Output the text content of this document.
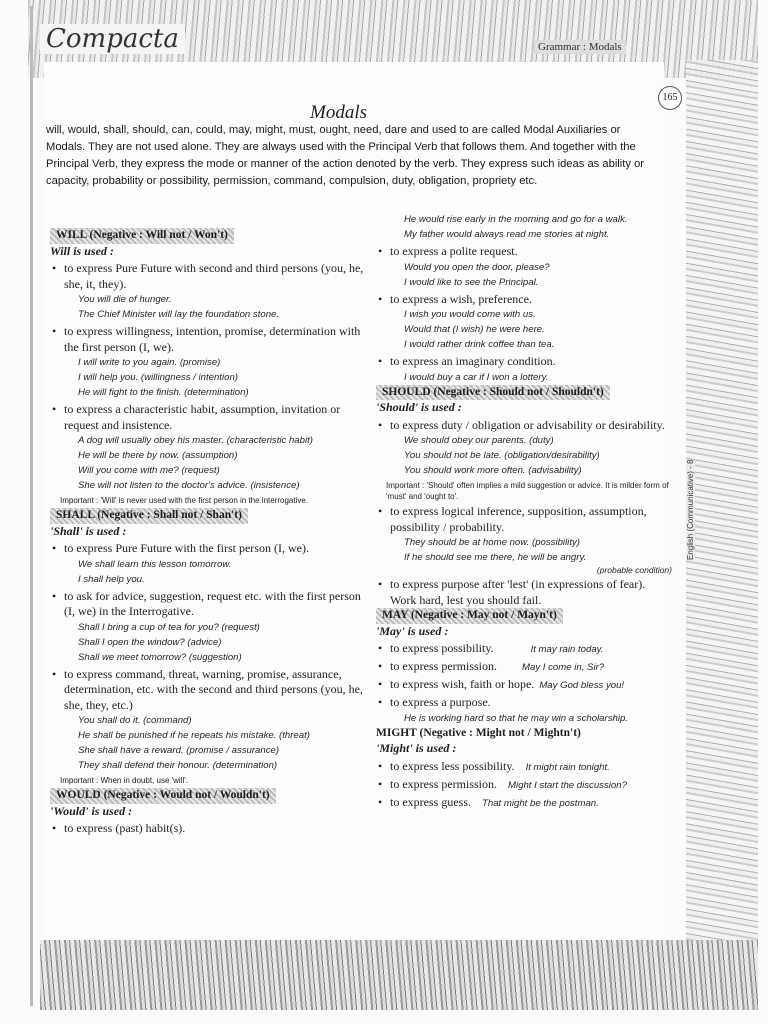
Compacta	Grammar : Modals
165
Modals
will, would, shall, should, can, could, may, might, must, ought, need, dare and used to are called Modal Auxiliaries or Modals. They are not used alone. They are always used with the Principal Verb that follows them. And together with the Principal Verb, they express the mode or manner of the action denoted by the verb. They express such ideas as ability or capacity, probability or possibility, permission, command, compulsion, duty, obligation, propriety etc.
WILL (Negative : Will not / Won't)

Will is used :

• to express Pure Future with second and third persons (you, he, she, it, they).
You will die of hunger.
The Chief Minister will lay the foundation stone.
• to express willingness, intention, promise, determination with the first person (I, we).
I will write to you again. (promise)
I will help you. (willingness / intention)
He will fight to the finish. (determination)
• to express a characteristic habit, assumption, invitation or request and insistence.
A dog will usually obey his master. (characteristic habit)
He will be there by now. (assumption)
Will you come with me? (request)
She will not listen to the doctor's advice. (insistence)
Important : 'Will' is never used with the first person in the interrogative.
SHALL (Negative : Shall not / Shan't)

'Shall' is used :

• to express Pure Future with the first person (I, we).
We shall learn this lesson tomorrow.
I shall help you.
• to ask for advice, suggestion, request etc. with the first person (I, we) in the Interrogative.
Shall I bring a cup of tea for you? (request)
Shall I open the window? (advice)
Shall we meet tomorrow? (suggestion)
• to express command, threat, warning, promise, assurance, determination, etc. with the second and third persons (you, he, she, they, etc.)
You shall do it. (command)
He shall be punished if he repeats his mistake. (threat)
She shall have a reward. (promise / assurance)
They shall defend their honour. (determination)
Important : When in doubt, use 'will'.
WOULD (Negative : Would not / Wouldn't)

'Would' is used :

• to express (past) habit(s).
He would rise early in the morning and go for a walk.
My father would always read me stories at night.
• to express a polite request.
Would you open the door, please?
I would like to see the Principal.
• to express a wish, preference.
I wish you would come with us.
Would that (I wish) he were here.
I would rather drink coffee than tea.
• to express an imaginary condition.
I would buy a car if I won a lottery.
SHOULD (Negative : Should not / Shouldn't)

'Should' is used :

• to express duty / obligation or advisability or desirability.
We should obey our parents. (duty)
You should not be late. (obligation/desirability)
You should work more often. (advisability)
Important : 'Should' often implies a mild suggestion or advice. It is milder form of 'must' and 'ought to'.
• to express logical inference, supposition, assumption, possibility / probability.
They should be at home now. (possibility)
If he should see me there, he will be angry.
(probable condition)
• to express purpose after 'lest' (in expressions of fear). Work hard, lest you should fail.
MAY (Negative : May not / Mayn't)

'May' is used :

• to express possibility.	It may rain today.
• to express permission.	May I come in, Sir?
• to express wish, faith or hope. May God bless you!
• to express a purpose.
He is working hard so that he may win a scholarship.
MIGHT (Negative : Might not / Mightn't)

'Might' is used :

• to express less possibility. It might rain tonight.
• to express permission. Might I start the discussion?
• to express guess. That might be the postman.
English (Communicative) - 8
